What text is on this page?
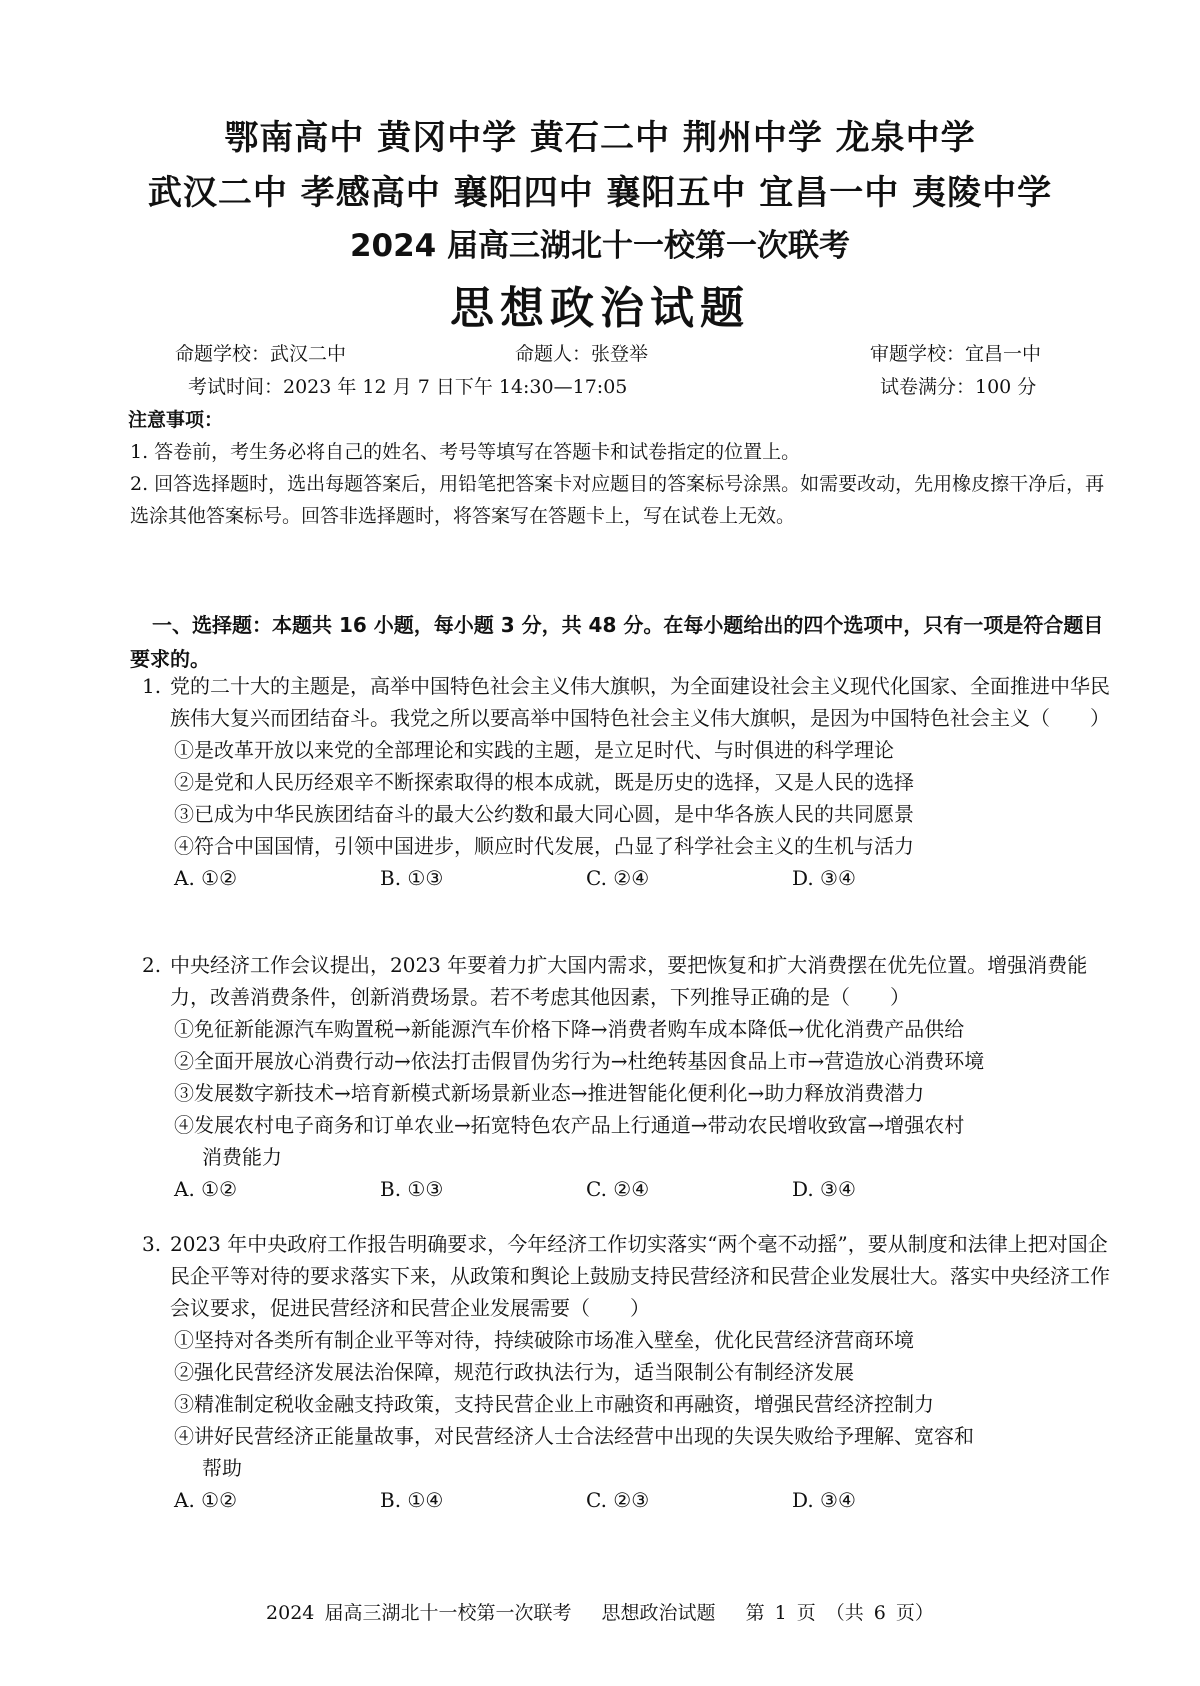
鄂南高中 黄冈中学 黄石二中 荆州中学 龙泉中学
武汉二中 孝感高中 襄阳四中 襄阳五中 宜昌一中 夷陵中学
2024 届高三湖北十一校第一次联考
思想政治试题
命题学校：武汉二中	命题人：张登举	审题学校：宜昌一中
考试时间：2023 年 12 月 7 日下午 14:30—17:05	试卷满分：100 分
注意事项：
1. 答卷前，考生务必将自己的姓名、考号等填写在答题卡和试卷指定的位置上。
2. 回答选择题时，选出每题答案后，用铅笔把答案卡对应题目的答案标号涂黑。如需要改动，先用橡皮擦干净后，再选涂其他答案标号。回答非选择题时，将答案写在答题卡上，写在试卷上无效。
一、选择题：本题共 16 小题，每小题 3 分，共 48 分。在每小题给出的四个选项中，只有一项是符合题目要求的。
1. 党的二十大的主题是，高举中国特色社会主义伟大旗帜，为全面建设社会主义现代化国家、全面推进中华民族伟大复兴而团结奋斗。我党之所以要高举中国特色社会主义伟大旗帜，是因为中国特色社会主义（　　）
①是改革开放以来党的全部理论和实践的主题，是立足时代、与时俱进的科学理论
②是党和人民历经艰辛不断探索取得的根本成就，既是历史的选择，又是人民的选择
③已成为中华民族团结奋斗的最大公约数和最大同心圆，是中华各族人民的共同愿景
④符合中国国情，引领中国进步，顺应时代发展，凸显了科学社会主义的生机与活力
A. ①②	B. ①③	C. ②④	D. ③④
2. 中央经济工作会议提出，2023 年要着力扩大国内需求，要把恢复和扩大消费摆在优先位置。增强消费能力，改善消费条件，创新消费场景。若不考虑其他因素，下列推导正确的是（　　）
①免征新能源汽车购置税→新能源汽车价格下降→消费者购车成本降低→优化消费产品供给
②全面开展放心消费行动→依法打击假冒伪劣行为→杜绝转基因食品上市→营造放心消费环境
③发展数字新技术→培育新模式新场景新业态→推进智能化便利化→助力释放消费潜力
④发展农村电子商务和订单农业→拓宽特色农产品上行通道→带动农民增收致富→增强农村
消费能力
A. ①②	B. ①③	C. ②④	D. ③④
3. 2023 年中央政府工作报告明确要求，今年经济工作切实落实“两个毫不动摇”，要从制度和法律上把对国企民企平等对待的要求落实下来，从政策和舆论上鼓励支持民营经济和民营企业发展壮大。落实中央经济工作会议要求，促进民营经济和民营企业发展需要（　　）
①坚持对各类所有制企业平等对待，持续破除市场准入壁垒，优化民营经济营商环境
②强化民营经济发展法治保障，规范行政执法行为，适当限制公有制经济发展
③精准制定税收金融支持政策，支持民营企业上市融资和再融资，增强民营经济控制力
④讲好民营经济正能量故事，对民营经济人士合法经营中出现的失误失败给予理解、宽容和
帮助
A. ①②	B. ①④	C. ②③	D. ③④
2024 届高三湖北十一校第一次联考 思想政治试题 第 1 页 （共 6 页）
